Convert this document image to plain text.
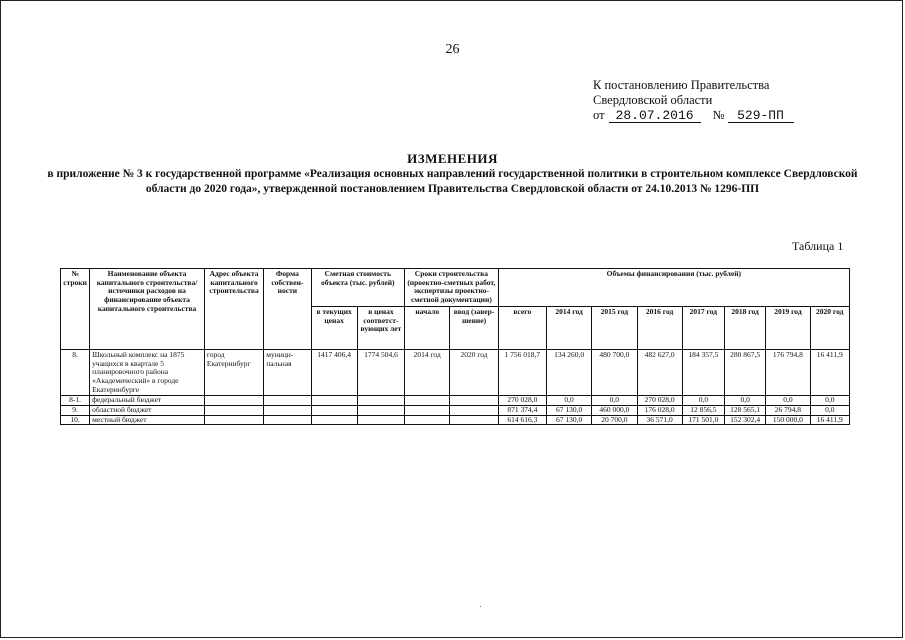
26
К постановлению Правительства
Свердловской области
от 28.07.2016 № 529-ПП
ИЗМЕНЕНИЯ
в приложение № 3 к государственной программе «Реализация основных направлений государственной политики в строительном комплексе Свердловской области до 2020 года», утвержденной постановлением Правительства Свердловской области от 24.10.2013 № 1296-ПП
Таблица 1
№ строки	Наименование объекта капитального строительства/ источники расходов на финансирование объекта капитального строительства	Адрес объекта капитального строительства	Форма собствен-ности	Сметная стоимость объекта (тыс. рублей)		Сроки строительства (проектно-сметных работ, экспертизы проектно-сметной документации)		Объемы финансирования (тыс. рублей)							
				в текущих ценах	в ценах соответст-вующих лет	начало	ввод (завер-шение)	всего	2014 год	2015 год	2016 год	2017 год	2018 год	2019 год	2020 год
8.	Школьный комплекс на 1875 учащихся в квартале 5 планировочного района «Академический» в городе Екатеринбурге	город Екатеринбург	муници-пальная	1417 406,4	1774 504,6	2014 год	2020 год	1 756 018,7	134 260,0	480 700,0	482 627,0	184 357,5	280 867,5	176 794,8	16 411,9
8-1.	федеральный бюджет							270 028,0	0,0	0,0	270 028,0	0,0	0,0	0,0	0,0
9.	областной бюджет							871 374,4	67 130,0	460 000,0	176 028,0	12 856,5	128 565,1	26 794,8	0,0
10.	местный бюджет							614 616,3	67 130,0	20 700,0	36 571,0	171 501,0	152 302,4	150 000,0	16 411,9
